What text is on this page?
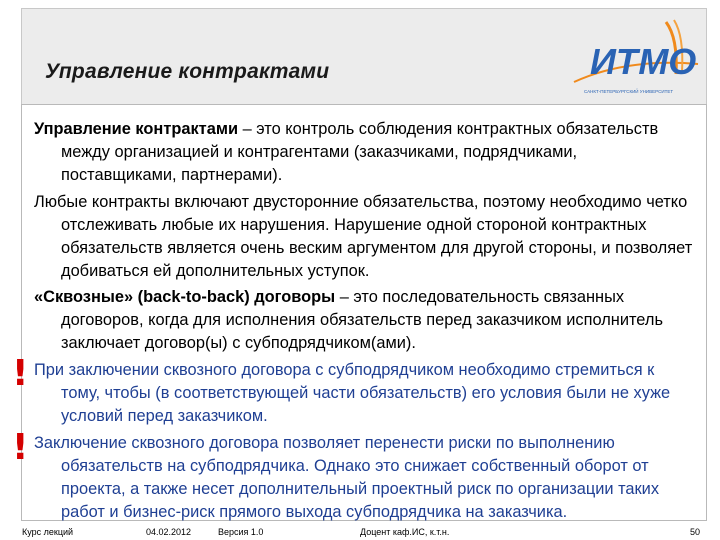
Управление контрактами	ИТМО
САНКТ-ПЕТЕРБУРГСКИЙ УНИВЕРСИТЕТ
Управление контрактами – это контроль соблюдения контрактных обязательств между организацией и контрагентами (заказчиками, подрядчиками, поставщиками, партнерами).
Любые контракты включают двусторонние обязательства, поэтому необходимо четко отслеживать любые их нарушения. Нарушение одной стороной контрактных обязательств является очень веским аргументом для другой стороны, и позволяет добиваться ей дополнительных уступок.
«Сквозные» (back-to-back) договоры – это последовательность связанных договоров, когда для исполнения обязательств перед заказчиком исполнитель заключает договор(ы) с субподрядчиком(ами).
! При заключении сквозного договора с субподрядчиком необходимо стремиться к тому, чтобы (в соответствующей части обязательств) его условия были не хуже условий перед заказчиком.
! Заключение сквозного договора позволяет перенести риски по выполнению обязательств на субподрядчика. Однако это снижает собственный оборот от проекта, а также несет дополнительный проектный риск по организации таких работ и бизнес-риск прямого выхода субподрядчика на заказчика.
Курс лекций	04.02.2012	Версия 1.0	Доцент каф.ИС, к.т.н.	50
